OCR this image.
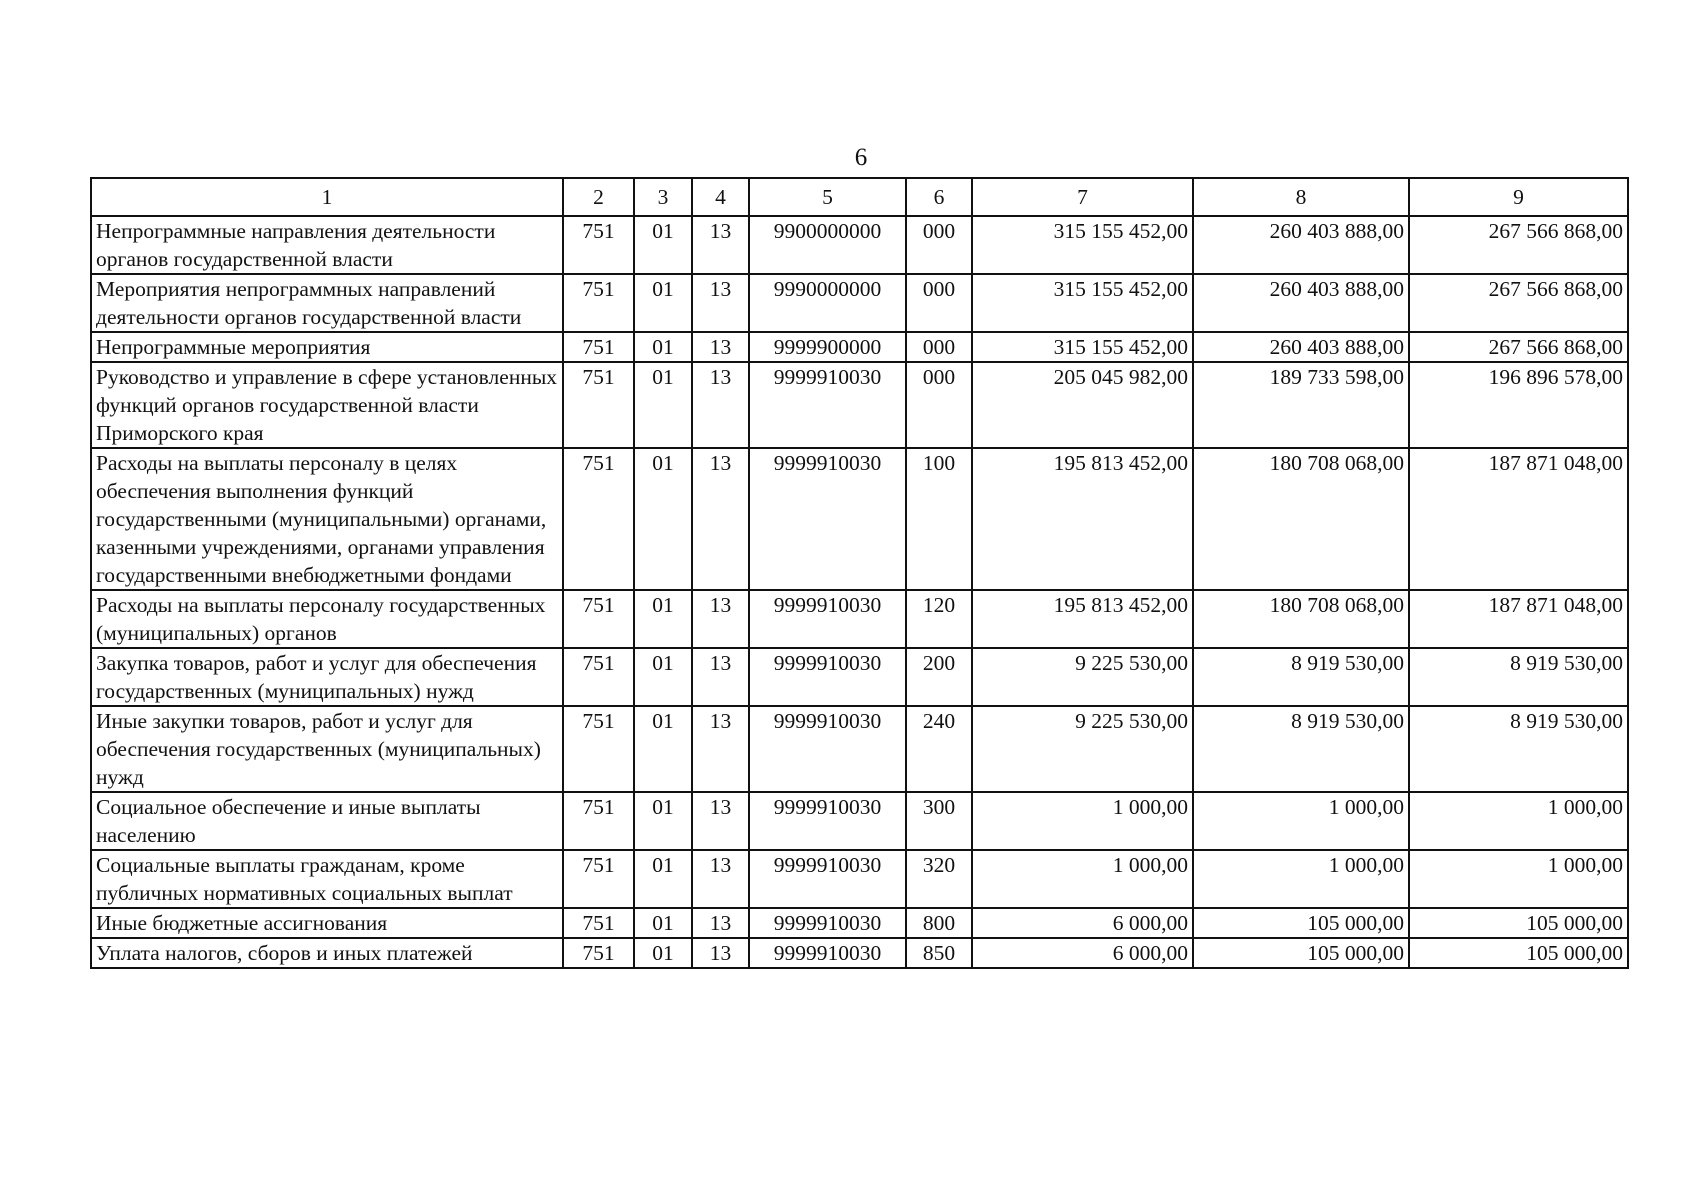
6
1	2	3	4	5	6	7	8	9
Непрограммные направления деятельности органов государственной власти	751	01	13	9900000000	000	315 155 452,00	260 403 888,00	267 566 868,00
Мероприятия непрограммных направлений деятельности органов государственной власти	751	01	13	9990000000	000	315 155 452,00	260 403 888,00	267 566 868,00
Непрограммные мероприятия	751	01	13	9999900000	000	315 155 452,00	260 403 888,00	267 566 868,00
Руководство и управление в сфере установленных функций органов государственной власти Приморского края	751	01	13	9999910030	000	205 045 982,00	189 733 598,00	196 896 578,00
Расходы на выплаты персоналу в целях обеспечения выполнения функций государственными (муниципальными) органами, казенными учреждениями, органами управления государственными внебюджетными фондами	751	01	13	9999910030	100	195 813 452,00	180 708 068,00	187 871 048,00
Расходы на выплаты персоналу государственных (муниципальных) органов	751	01	13	9999910030	120	195 813 452,00	180 708 068,00	187 871 048,00
Закупка товаров, работ и услуг для обеспечения государственных (муниципальных) нужд	751	01	13	9999910030	200	9 225 530,00	8 919 530,00	8 919 530,00
Иные закупки товаров, работ и услуг для обеспечения государственных (муниципальных) нужд	751	01	13	9999910030	240	9 225 530,00	8 919 530,00	8 919 530,00
Социальное обеспечение и иные выплаты населению	751	01	13	9999910030	300	1 000,00	1 000,00	1 000,00
Социальные выплаты гражданам, кроме публичных нормативных социальных выплат	751	01	13	9999910030	320	1 000,00	1 000,00	1 000,00
Иные бюджетные ассигнования	751	01	13	9999910030	800	6 000,00	105 000,00	105 000,00
Уплата налогов, сборов и иных платежей	751	01	13	9999910030	850	6 000,00	105 000,00	105 000,00
